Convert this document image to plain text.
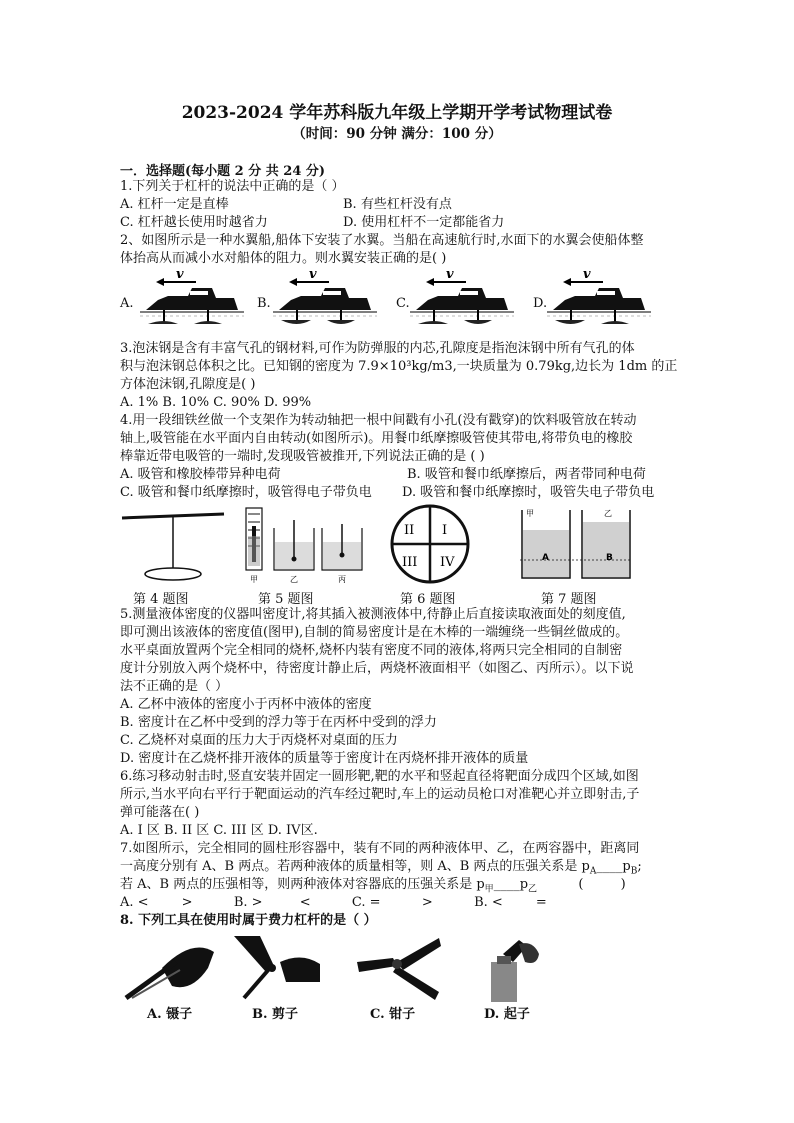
2023-2024 学年苏科版九年级上学期开学考试物理试卷
（时间：90 分钟 满分：100 分）
一．选择题(每小题 2 分 共 24 分)
1.下列关于杠杆的说法中正确的是（ ）
A. 杠杆一定是直棒	B. 有些杠杆没有点
C. 杠杆越长使用时越省力	D. 使用杠杆不一定都能省力
2、如图所示是一种水翼船,船体下安装了水翼。当船在高速航行时,水面下的水翼会使船体整
体抬高从而减小水对船体的阻力。则水翼安装正确的是( )
A.	B.	C.	D.
v	v	v	v
3.泡沫钢是含有丰富气孔的钢材料,可作为防弹服的内芯,孔隙度是指泡沫钢中所有气孔的体
积与泡沫钢总体积之比。已知钢的密度为 7.9×10³kg/m3,一块质量为 0.79kg,边长为 1dm 的正
方体泡沫钢,孔隙度是( )
A. 1% B. 10% C. 90% D. 99%
4.用一段细铁丝做一个支架作为转动轴把一根中间戳有小孔(没有戳穿)的饮料吸管放在转动
轴上,吸管能在水平面内自由转动(如图所示)。用餐巾纸摩擦吸管使其带电,将带负电的橡胶
棒靠近带电吸管的一端时,发现吸管被推开,下列说法正确的是 ( )
A. 吸管和橡胶棒带异种电荷	B. 吸管和餐巾纸摩擦后，两者带同种电荷
C. 吸管和餐巾纸摩擦时，吸管得电子带负电 D. 吸管和餐巾纸摩擦时，吸管失电子带负电
甲	乙	丙
II I
III IV
甲
A
乙
B
第 4 题图	第 5 题图	第 6 题图	第 7 题图
5.测量液体密度的仪器叫密度计,将其插入被测液体中,待静止后直接读取液面处的刻度值,
即可测出该液体的密度值(图甲),自制的简易密度计是在木棒的一端缠绕一些铜丝做成的。
水平桌面放置两个完全相同的烧杯,烧杯内装有密度不同的液体,将两只完全相同的自制密
度计分别放入两个烧杯中，待密度计静止后，两烧杯液面相平（如图乙、丙所示）。以下说
法不正确的是（ ）
A. 乙杯中液体的密度小于丙杯中液体的密度
B. 密度计在乙杯中受到的浮力等于在丙杯中受到的浮力
C. 乙烧杯对桌面的压力大于丙烧杯对桌面的压力
D. 密度计在乙烧杯排开液体的质量等于密度计在丙烧杯排开液体的质量
6.练习移动射击时,竖直安装并固定一圆形靶,靶的水平和竖起直径将靶面分成四个区域,如图
所示,当水平向右平行于靶面运动的汽车经过靶时,车上的运动员枪口对准靶心并立即射击,子
弹可能落在( )
A. I 区 B. II 区 C. III 区 D. IV区.
7.如图所示，完全相同的圆柱形容器中，装有不同的两种液体甲、乙，在两容器中，距离同
一高度分别有 A、B 两点。若两种液体的质量相等，则 A、B 两点的压强关系是 $p_A\_\_\_\_p_B$;
若 A、B 两点的压强相等，则两种液体对容器底的压强关系是 $p_甲\_\_\_\_p_乙$          (         )
A. <        >          B. >         <          C. =          >          B. <        =
8. 下列工具在使用时属于费力杠杆的是（ ）
A. 镊子	B. 剪子	C. 钳子	D. 起子
